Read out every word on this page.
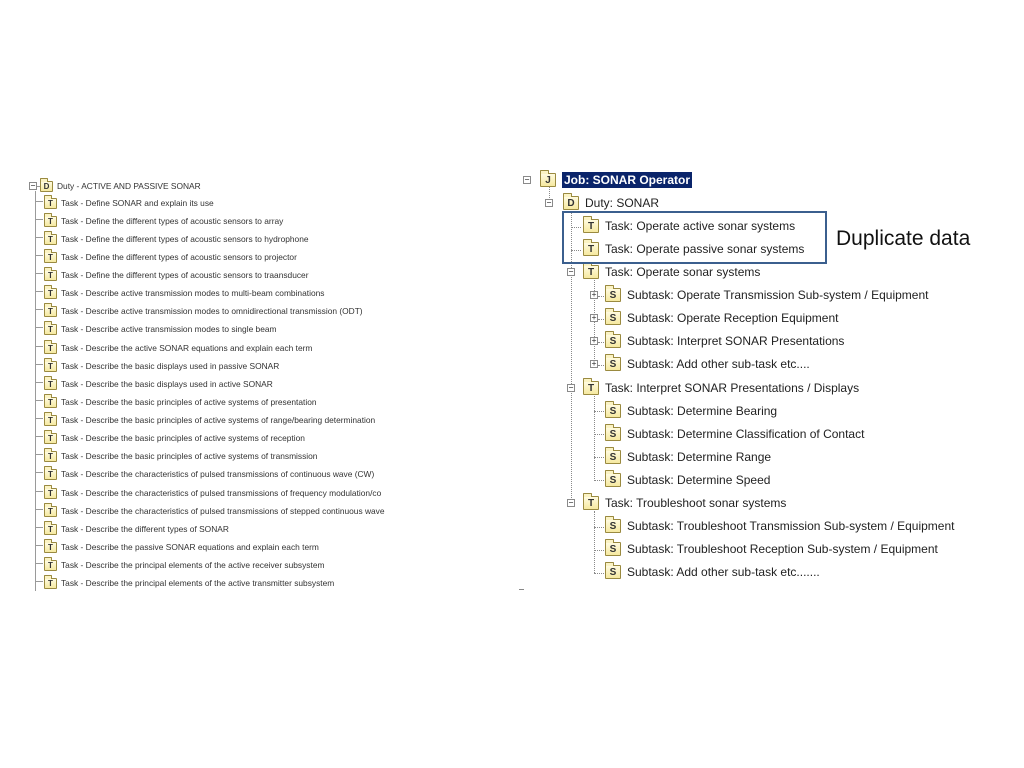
−	D Duty - ACTIVE AND PASSIVE SONAR
T Task - Define SONAR and explain its use
T Task - Define the different types of acoustic sensors to array
T Task - Define the different types of acoustic sensors to hydrophone
T Task - Define the different types of acoustic sensors to projector
T Task - Define the different types of acoustic sensors to traansducer
T Task - Describe active transmission modes to multi-beam combinations
T Task - Describe active transmission modes to omnidirectional transmission (ODT)
T Task - Describe active transmission modes to single beam
T Task - Describe the active SONAR equations and explain each term
T Task - Describe the basic displays used in passive SONAR
T Task - Describe the basic displays used in active SONAR
T Task - Describe the basic principles of active systems of presentation
T Task - Describe the basic principles of active systems of range/bearing determination
T Task - Describe the basic principles of active systems of reception
T Task - Describe the basic principles of active systems of transmission
T Task - Describe the characteristics of pulsed transmissions of continuous wave (CW)
T Task - Describe the characteristics of pulsed transmissions of frequency modulation/co
T Task - Describe the characteristics of pulsed transmissions of stepped continuous wave
T Task - Describe the different types of SONAR
T Task - Describe the passive SONAR equations and explain each term
T Task - Describe the principal elements of the active receiver subsystem
T Task - Describe the principal elements of the active transmitter subsystem
−	J	Job: SONAR Operator
−	D Duty: SONAR
T Task: Operate active sonar systems
T Task: Operate passive sonar systems
−	T Task: Operate sonar systems
+	S Subtask: Operate Transmission Sub-system / Equipment
+	S Subtask: Operate Reception Equipment
+	S Subtask: Interpret SONAR Presentations
+	S Subtask: Add other sub-task etc....
−	T Task: Interpret SONAR Presentations / Displays
S Subtask: Determine Bearing
S Subtask: Determine Classification of Contact
S Subtask: Determine Range
S Subtask: Determine Speed
−	T Task: Troubleshoot sonar systems
S Subtask: Troubleshoot Transmission Sub-system / Equipment
S Subtask: Troubleshoot Reception Sub-system / Equipment
S Subtask: Add other sub-task etc.......
Duplicate data
